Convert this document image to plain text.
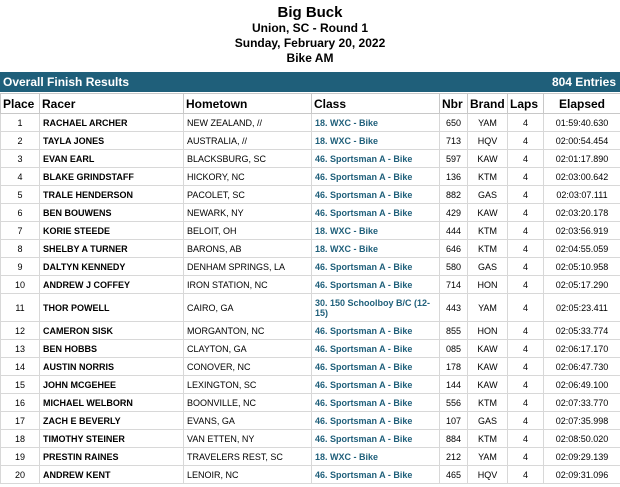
Big Buck
Union, SC - Round 1
Sunday, February 20, 2022
Bike AM
Overall Finish Results	804 Entries
Place	Racer	Hometown	Class	Nbr	Brand	Laps	Elapsed
1	RACHAEL ARCHER	NEW ZEALAND, //	18. WXC - Bike	650	YAM	4	01:59:40.630
2	TAYLA JONES	AUSTRALIA, //	18. WXC - Bike	713	HQV	4	02:00:54.454
3	EVAN EARL	BLACKSBURG, SC	46. Sportsman A - Bike	597	KAW	4	02:01:17.890
4	BLAKE GRINDSTAFF	HICKORY, NC	46. Sportsman A - Bike	136	KTM	4	02:03:00.642
5	TRALE HENDERSON	PACOLET, SC	46. Sportsman A - Bike	882	GAS	4	02:03:07.111
6	BEN BOUWENS	NEWARK, NY	46. Sportsman A - Bike	429	KAW	4	02:03:20.178
7	KORIE STEEDE	BELOIT, OH	18. WXC - Bike	444	KTM	4	02:03:56.919
8	SHELBY A TURNER	BARONS, AB	18. WXC - Bike	646	KTM	4	02:04:55.059
9	DALTYN KENNEDY	DENHAM SPRINGS, LA	46. Sportsman A - Bike	580	GAS	4	02:05:10.958
10	ANDREW J COFFEY	IRON STATION, NC	46. Sportsman A - Bike	714	HON	4	02:05:17.290
11	THOR POWELL	CAIRO, GA	30. 150 Schoolboy B/C (12-15)	443	YAM	4	02:05:23.411
12	CAMERON SISK	MORGANTON, NC	46. Sportsman A - Bike	855	HON	4	02:05:33.774
13	BEN HOBBS	CLAYTON, GA	46. Sportsman A - Bike	085	KAW	4	02:06:17.170
14	AUSTIN NORRIS	CONOVER, NC	46. Sportsman A - Bike	178	KAW	4	02:06:47.730
15	JOHN MCGEHEE	LEXINGTON, SC	46. Sportsman A - Bike	144	KAW	4	02:06:49.100
16	MICHAEL WELBORN	BOONVILLE, NC	46. Sportsman A - Bike	556	KTM	4	02:07:33.770
17	ZACH E BEVERLY	EVANS, GA	46. Sportsman A - Bike	107	GAS	4	02:07:35.998
18	TIMOTHY STEINER	VAN ETTEN, NY	46. Sportsman A - Bike	884	KTM	4	02:08:50.020
19	PRESTIN RAINES	TRAVELERS REST, SC	18. WXC - Bike	212	YAM	4	02:09:29.139
20	ANDREW KENT	LENOIR, NC	46. Sportsman A - Bike	465	HQV	4	02:09:31.096
